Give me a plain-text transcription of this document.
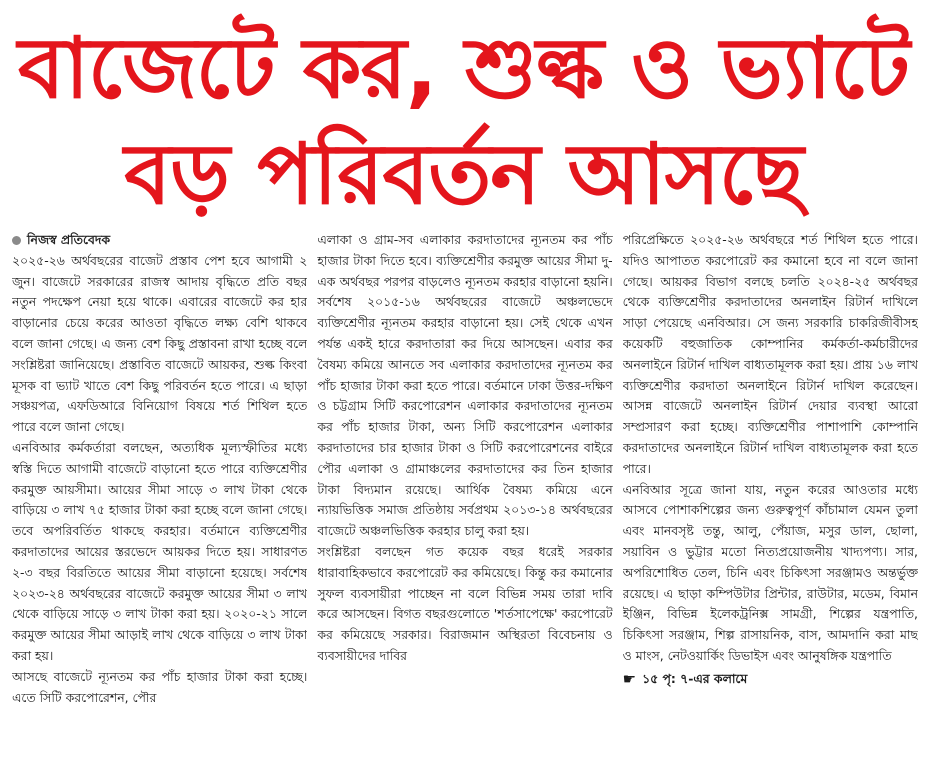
বাজেটে কর, শুল্ক ও ভ্যাটে
বড় পরিবর্তন আসছে
নিজস্ব প্রতিবেদক

২০২৫-২৬ অর্থবছরের বাজেট প্রস্তাব পেশ হবে আগামী ২ জুন। বাজেটে সরকারের রাজস্ব আদায় বৃদ্ধিতে প্রতি বছর নতুন পদক্ষেপ নেয়া হয়ে থাকে। এবারের বাজেটে কর হার বাড়ানোর চেয়ে করের আওতা বৃদ্ধিতে লক্ষ্য বেশি থাকবে বলে জানা গেছে। এ জন্য বেশ কিছু প্রস্তাবনা রাখা হচ্ছে বলে সংশ্লিষ্টরা জানিয়েছে। প্রস্তাবিত বাজেটে আয়কর, শুল্ক কিংবা মূসক বা ভ্যাট খাতে বেশ কিছু পরিবর্তন হতে পারে। এ ছাড়া সঞ্চয়পত্র, এফডিআরে বিনিয়োগ বিষয়ে শর্ত শিথিল হতে পারে বলে জানা গেছে।

এনবিআর কর্মকর্তারা বলছেন, অত্যধিক মূল্যস্ফীতির মধ্যে স্বস্তি দিতে আগামী বাজেটে বাড়ানো হতে পারে ব্যক্তিশ্রেণীর করমুক্ত আয়সীমা। আয়ের সীমা সাড়ে ৩ লাখ টাকা থেকে বাড়িয়ে ৩ লাখ ৭৫ হাজার টাকা করা হচ্ছে বলে জানা গেছে। তবে অপরিবর্তিত থাকছে করহার। বর্তমানে ব্যক্তিশ্রেণীর করদাতাদের আয়ের স্তরভেদে আয়কর দিতে হয়। সাধারণত ২-৩ বছর বিরতিতে আয়ের সীমা বাড়ানো হয়েছে। সর্বশেষ ২০২৩-২৪ অর্থবছরের বাজেটে করমুক্ত আয়ের সীমা ৩ লাখ থেকে বাড়িয়ে সাড়ে ৩ লাখ টাকা করা হয়। ২০২০-২১ সালে করমুক্ত আয়ের সীমা আড়াই লাখ থেকে বাড়িয়ে ৩ লাখ টাকা করা হয়।

আসছে বাজেটে ন্যূনতম কর পাঁচ হাজার টাকা করা হচ্ছে। এতে সিটি করপোরেশন, পৌর

এলাকা ও গ্রাম-সব এলাকার করদাতাদের ন্যূনতম কর পাঁচ হাজার টাকা দিতে হবে। ব্যক্তিশ্রেণীর করমুক্ত আয়ের সীমা দু-এক অর্থবছর পরপর বাড়লেও ন্যূনতম করহার বাড়ানো হয়নি। সর্বশেষ ২০১৫-১৬ অর্থবছরের বাজেটে অঞ্চলভেদে ব্যক্তিশ্রেণীর ন্যূনতম করহার বাড়ানো হয়। সেই থেকে এখন পর্যন্ত একই হারে করদাতারা কর দিয়ে আসছেন। এবার কর বৈষম্য কমিয়ে আনতে সব এলাকার করদাতাদের ন্যূনতম কর পাঁচ হাজার টাকা করা হতে পারে। বর্তমানে ঢাকা উত্তর-দক্ষিণ ও চট্টগ্রাম সিটি করপোরেশন এলাকার করদাতাদের ন্যূনতম কর পাঁচ হাজার টাকা, অন্য সিটি করপোরেশন এলাকার করদাতাদের চার হাজার টাকা ও সিটি করপোরেশনের বাইরে পৌর এলাকা ও গ্রামাঞ্চলের করদাতাদের কর তিন হাজার টাকা বিদ্যমান রয়েছে। আর্থিক বৈষম্য কমিয়ে এনে ন্যায়ভিত্তিক সমাজ প্রতিষ্ঠায় সর্বপ্রথম ২০১৩-১৪ অর্থবছরের বাজেটে অঞ্চলভিত্তিক করহার চালু করা হয়।

সংশ্লিষ্টরা বলছেন গত কয়েক বছর ধরেই সরকার ধারাবাহিকভাবে করপোরেট কর কমিয়েছে। কিন্তু কর কমানোর সুফল ব্যবসায়ীরা পাচ্ছেন না বলে বিভিন্ন সময় তারা দাবি করে আসছেন। বিগত বছরগুলোতে 'শর্তসাপেক্ষে' করপোরেট কর কমিয়েছে সরকার। বিরাজমান অস্থিরতা বিবেচনায় ও ব্যবসায়ীদের দাবির

পরিপ্রেক্ষিতে ২০২৫-২৬ অর্থবছরে শর্ত শিথিল হতে পারে। যদিও আপাতত করপোরেট কর কমানো হবে না বলে জানা গেছে। আয়কর বিভাগ বলছে চলতি ২০২৪-২৫ অর্থবছর থেকে ব্যক্তিশ্রেণীর করদাতাদের অনলাইন রিটার্ন দাখিলে সাড়া পেয়েছে এনবিআর। সে জন্য সরকারি চাকরিজীবীসহ কয়েকটি বহুজাতিক কোম্পানির কর্মকর্তা-কর্মচারীদের অনলাইনে রিটার্ন দাখিল বাধ্যতামূলক করা হয়। প্রায় ১৬ লাখ ব্যক্তিশ্রেণীর করদাতা অনলাইনে রিটার্ন দাখিল করেছেন। আসন্ন বাজেটে অনলাইন রিটার্ন দেয়ার ব্যবস্থা আরো সম্প্রসারণ করা হচ্ছে। ব্যক্তিশ্রেণীর পাশাপাশি কোম্পানি করদাতাদের অনলাইনে রিটার্ন দাখিল বাধ্যতামূলক করা হতে পারে।

এনবিআর সূত্রে জানা যায়, নতুন করের আওতার মধ্যে আসবে পোশাকশিল্পের জন্য গুরুত্বপূর্ণ কাঁচামাল যেমন তুলা এবং মানবসৃষ্ট তন্তু, আলু, পেঁয়াজ, মসুর ডাল, ছোলা, সয়াবিন ও ভুট্টার মতো নিত্যপ্রয়োজনীয় খাদ্যপণ্য। সার, অপরিশোধিত তেল, চিনি এবং চিকিৎসা সরঞ্জামও অন্তর্ভুক্ত রয়েছে। এ ছাড়া কম্পিউটার প্রিন্টার, রাউটার, মডেম, বিমান ইঞ্জিন, বিভিন্ন ইলেকট্রনিক্স সামগ্রী, শিল্পের যন্ত্রপাতি, চিকিৎসা সরঞ্জাম, শিল্প রাসায়নিক, বাস, আমদানি করা মাছ ও মাংস, নেটওয়ার্কিং ডিভাইস এবং আনুষঙ্গিক যন্ত্রপাতি

☛ ১৫ পৃ: ৭-এর কলামে
